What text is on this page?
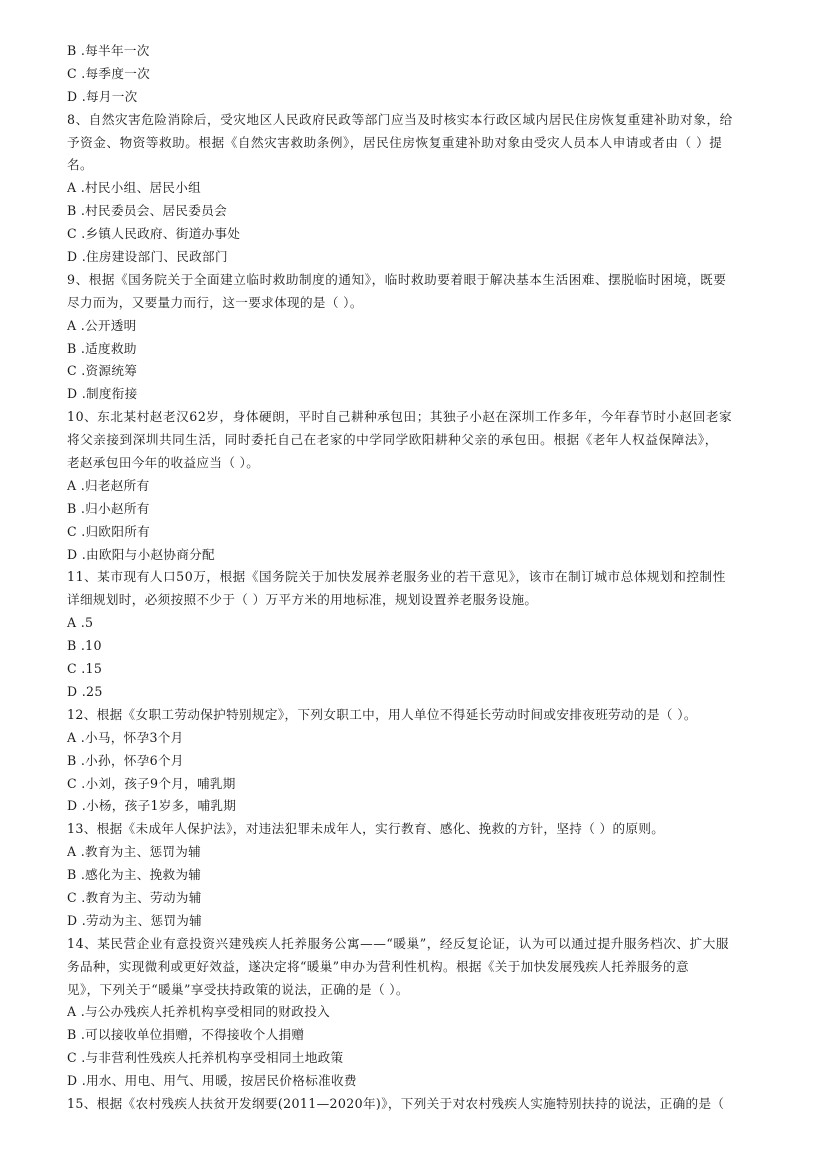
B .每半年一次
C .每季度一次
D .每月一次
8、自然灾害危险消除后，受灾地区人民政府民政等部门应当及时核实本行政区域内居民住房恢复重建补助对象，给
予资金、物资等救助。根据《自然灾害救助条例》，居民住房恢复重建补助对象由受灾人员本人申请或者由（ ）提
名。
A .村民小组、居民小组
B .村民委员会、居民委员会
C .乡镇人民政府、街道办事处
D .住房建设部门、民政部门
9、根据《国务院关于全面建立临时救助制度的通知》，临时救助要着眼于解决基本生活困难、摆脱临时困境，既要
尽力而为，又要量力而行，这一要求体现的是（ ）。
A .公开透明
B .适度救助
C .资源统筹
D .制度衔接
10、东北某村赵老汉62岁，身体硬朗，平时自己耕种承包田；其独子小赵在深圳工作多年，今年春节时小赵回老家
将父亲接到深圳共同生活，同时委托自己在老家的中学同学欧阳耕种父亲的承包田。根据《老年人权益保障法》，
老赵承包田今年的收益应当（ ）。
A .归老赵所有
B .归小赵所有
C .归欧阳所有
D .由欧阳与小赵协商分配
11、某市现有人口50万，根据《国务院关于加快发展养老服务业的若干意见》，该市在制订城市总体规划和控制性
详细规划时，必须按照不少于（ ）万平方米的用地标准，规划设置养老服务设施。
A .5
B .10
C .15
D .25
12、根据《女职工劳动保护特别规定》，下列女职工中，用人单位不得延长劳动时间或安排夜班劳动的是（ ）。
A .小马，怀孕3个月
B .小孙，怀孕6个月
C .小刘，孩子9个月，哺乳期
D .小杨，孩子1岁多，哺乳期
13、根据《未成年人保护法》，对违法犯罪未成年人，实行教育、感化、挽救的方针，坚持（ ）的原则。
A .教育为主、惩罚为辅
B .感化为主、挽救为辅
C .教育为主、劳动为辅
D .劳动为主、惩罚为辅
14、某民营企业有意投资兴建残疾人托养服务公寓——“暖巢”，经反复论证，认为可以通过提升服务档次、扩大服
务品种，实现微利或更好效益，遂决定将“暖巢”申办为营利性机构。根据《关于加快发展残疾人托养服务的意
见》，下列关于“暖巢”享受扶持政策的说法，正确的是（ ）。
A .与公办残疾人托养机构享受相同的财政投入
B .可以接收单位捐赠，不得接收个人捐赠
C .与非营利性残疾人托养机构享受相同土地政策
D .用水、用电、用气、用暖，按居民价格标准收费
15、根据《农村残疾人扶贫开发纲要(2011—2020年)》，下列关于对农村残疾人实施特别扶持的说法，正确的是（
